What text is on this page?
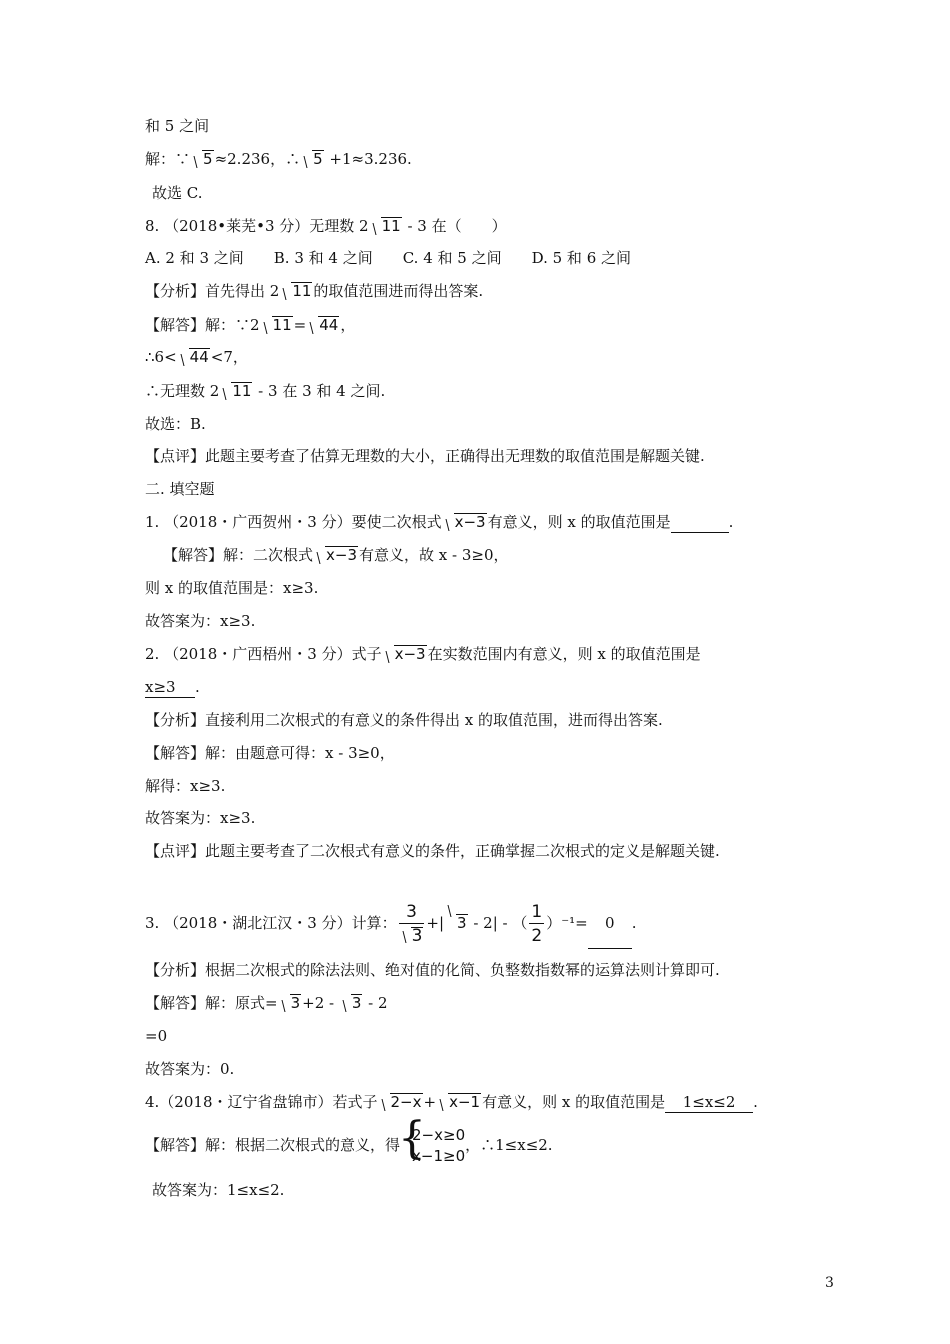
和 5 之间
解：∵ 5 ≈2.236，∴ 5 +1≈3.236.
故选 C.
8. （2018•莱芜•3 分）无理数 2 11 - 3 在（　　）
A. 2 和 3 之间　　B. 3 和 4 之间　　C. 4 和 5 之间　　D. 5 和 6 之间
【分析】首先得出 2 11 的取值范围进而得出答案.
【解答】解：∵2 11 = 44 ，
∴6< 44 <7，
∴无理数 2 11 - 3 在 3 和 4 之间.
故选：B.
【点评】此题主要考查了估算无理数的大小，正确得出无理数的取值范围是解题关键.
二. 填空题
1. （2018・广西贺州・3 分）要使二次根式 x−3 有意义，则 x 的取值范围是	.
【解答】解：二次根式 x−3 有意义，故 x - 3≥0，
则 x 的取值范围是：x≥3.
故答案为：x≥3.
2. （2018・广西梧州・3 分）式子 x−3 在实数范围内有意义，则 x 的取值范围是
x≥3 .
【分析】直接利用二次根式的有意义的条件得出 x 的取值范围，进而得出答案.
【解答】解：由题意可得：x - 3≥0，
解得：x≥3.
故答案为：x≥3.
【点评】此题主要考查了二次根式有意义的条件，正确掌握二次根式的定义是解题关键.
3. （2018・湖北江汉・3 分）计算： $\frac{3}{3}$ +| 3 - 2| - （ $\frac{1}{2} )^{-1}= 0$ .
【分析】根据二次根式的除法法则、绝对值的化简、负整数指数幂的运算法则计算即可.
【解答】解：原式= 3 +2 - 3 - 2
=0
故答案为：0.
4.（2018・辽宁省盘锦市）若式子 2−x + x−1 有意义，则 x 的取值范围是 1≤x≤2 .
【解答】解：根据二次根式的意义，得
{ 2−x≥0
x−1≥0
，∴1≤x≤2.
故答案为：1≤x≤2.
3
